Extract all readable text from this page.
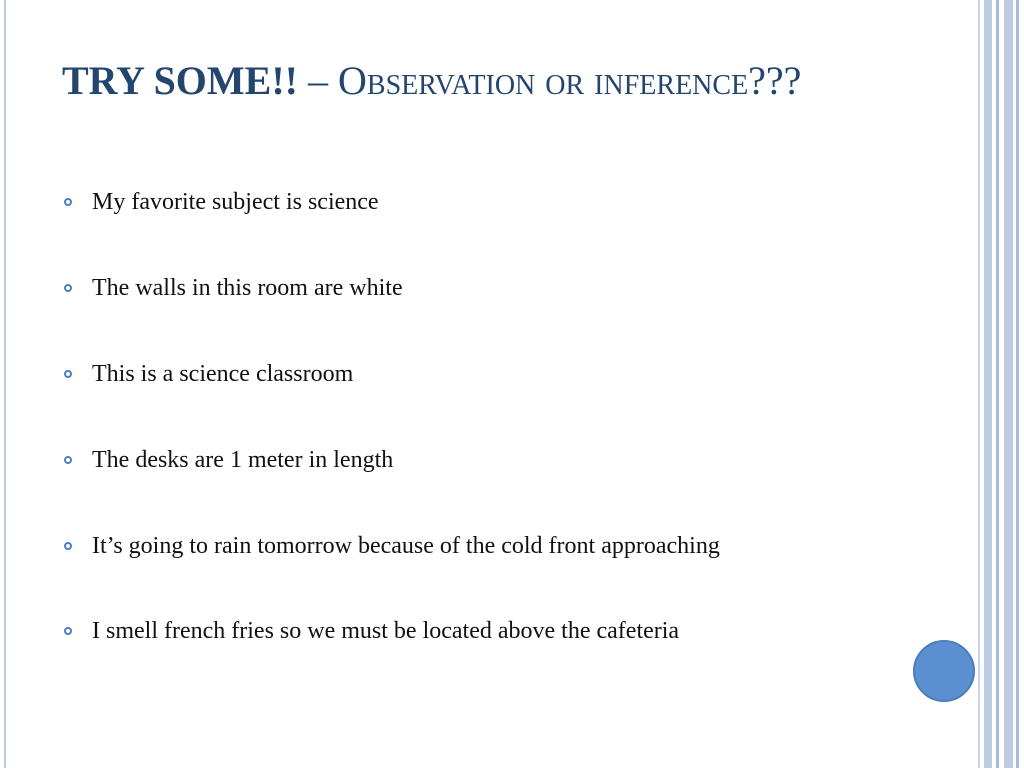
TRY SOME!! – Observation or inference???
My favorite subject is science
The walls in this room are white
This is a science classroom
The desks are 1 meter in length
It’s going to rain tomorrow because of the cold front approaching
I smell french fries so we must be located above the cafeteria
